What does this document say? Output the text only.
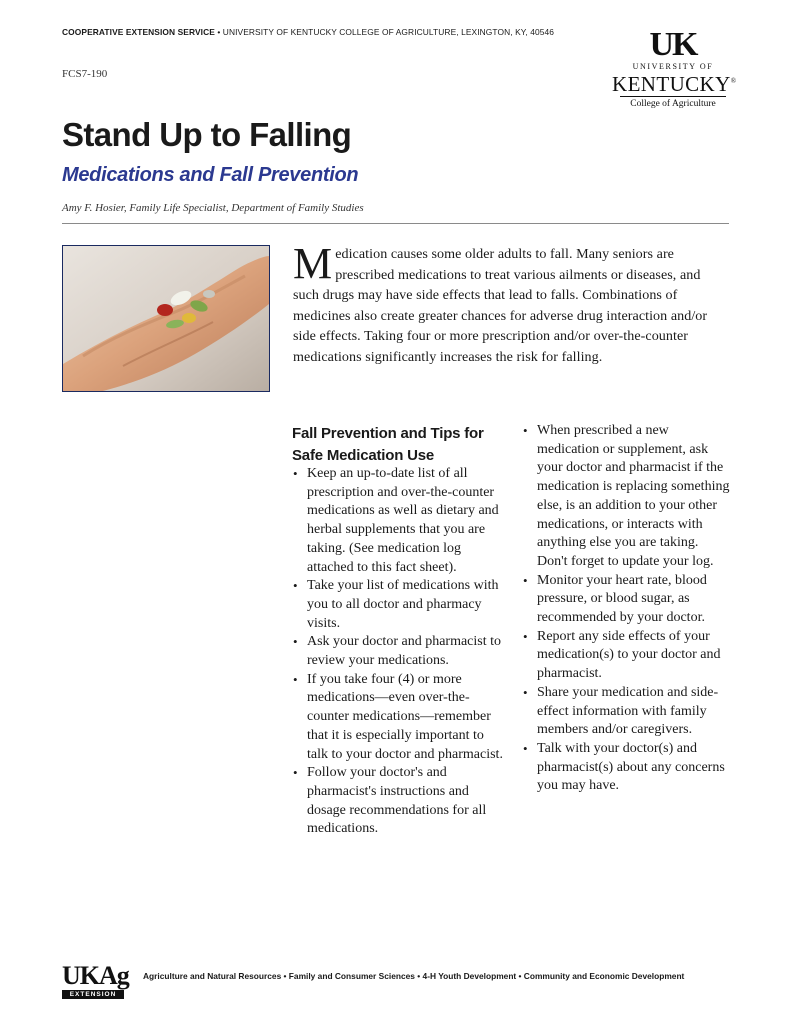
COOPERATIVE EXTENSION SERVICE • UNIVERSITY OF KENTUCKY COLLEGE OF AGRICULTURE, LEXINGTON, KY, 40546
FCS7-190
UK
UNIVERSITY OF
KENTUCKY®
College of Agriculture
Stand Up to Falling
Medications and Fall Prevention
Amy F. Hosier, Family Life Specialist, Department of Family Studies
Medication causes some older adults to fall. Many seniors are prescribed medications to treat various ailments or diseases, and such drugs may have side effects that lead to falls. Combinations of medicines also create greater chances for adverse drug interaction and/or side effects. Taking four or more prescription and/or over-the-counter medications significantly increases the risk for falling.
Fall Prevention and Tips for Safe Medication Use
• Keep an up-to-date list of all prescription and over-the-counter medications as well as dietary and herbal supplements that you are taking. (See medication log attached to this fact sheet).
• Take your list of medications with you to all doctor and pharmacy visits.
• Ask your doctor and pharmacist to review your medications.
• If you take four (4) or more medications—even over-the-counter medications—remember that it is especially important to talk to your doctor and pharmacist.
• Follow your doctor's and pharmacist's instructions and dosage recommendations for all medications.
• When prescribed a new medication or supplement, ask your doctor and pharmacist if the medication is replacing something else, is an addition to your other medications, or interacts with anything else you are taking. Don't forget to update your log.
• Monitor your heart rate, blood pressure, or blood sugar, as recommended by your doctor.
• Report any side effects of your medication(s) to your doctor and pharmacist.
• Share your medication and side-effect information with family members and/or caregivers.
• Talk with your doctor(s) and pharmacist(s) about any concerns you may have.
UKAg
EXTENSION
Agriculture and Natural Resources • Family and Consumer Sciences • 4-H Youth Development • Community and Economic Development
